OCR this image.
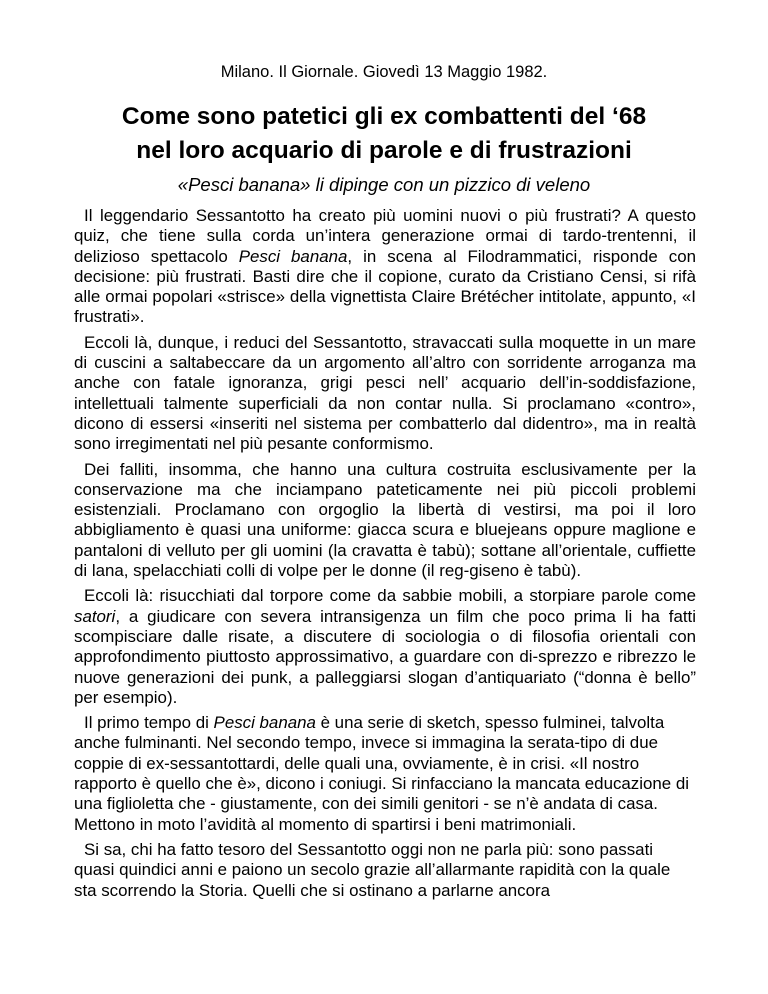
Milano. Il Giornale. Giovedì 13 Maggio 1982.
Come sono patetici gli ex combattenti del ‘68
nel loro acquario di parole e di frustrazioni
«Pesci banana» li dipinge con un pizzico di veleno

Il leggendario Sessantotto ha creato più uomini nuovi o più frustrati? A questo quiz, che tiene sulla corda un’intera generazione ormai di tardo-trentenni, il delizioso spettacolo Pesci banana, in scena al Filodrammatici, risponde con decisione: più frustrati. Basti dire che il copione, curato da Cristiano Censi, si rifà alle ormai popolari «strisce» della vignettista Claire Brétécher intitolate, appunto, «I frustrati».

Eccoli là, dunque, i reduci del Sessantotto, stravaccati sulla moquette in un mare di cuscini a saltabeccare da un argomento all’altro con sorridente arroganza ma anche con fatale ignoranza, grigi pesci nell’ acquario dell’in-soddisfazione, intellettuali talmente superficiali da non contar nulla. Si proclamano «contro», dicono di essersi «inseriti nel sistema per combatterlo dal didentro», ma in realtà sono irregimentati nel più pesante conformismo.

Dei falliti, insomma, che hanno una cultura costruita esclusivamente per la conservazione ma che inciampano pateticamente nei più piccoli problemi esistenziali. Proclamano con orgoglio la libertà di vestirsi, ma poi il loro abbigliamento è quasi una uniforme: giacca scura e bluejeans oppure maglione e pantaloni di velluto per gli uomini (la cravatta è tabù); sottane all’orientale, cuffiette di lana, spelacchiati colli di volpe per le donne (il reg-giseno è tabù).

Eccoli là: risucchiati dal torpore come da sabbie mobili, a storpiare parole come satori, a giudicare con severa intransigenza un film che poco prima li ha fatti scompisciare dalle risate, a discutere di sociologia o di filosofia orientali con approfondimento piuttosto approssimativo, a guardare con di-sprezzo e ribrezzo le nuove generazioni dei punk, a palleggiarsi slogan d’antiquariato (“donna è bello” per esempio).

Il primo tempo di Pesci banana è una serie di sketch, spesso fulminei, talvolta anche fulminanti. Nel secondo tempo, invece si immagina la serata-tipo di due coppie di ex-sessantottardi, delle quali una, ovviamente, è in crisi. «Il nostro rapporto è quello che è», dicono i coniugi. Si rinfacciano la mancata educazione di una figlioletta che - giustamente, con dei simili genitori - se n’è andata di casa. Mettono in moto l’avidità al momento di spartirsi i beni matrimoniali.

Si sa, chi ha fatto tesoro del Sessantotto oggi non ne parla più: sono passati quasi quindici anni e paiono un secolo grazie all’allarmante rapidità con la quale sta scorrendo la Storia. Quelli che si ostinano a parlarne ancora
